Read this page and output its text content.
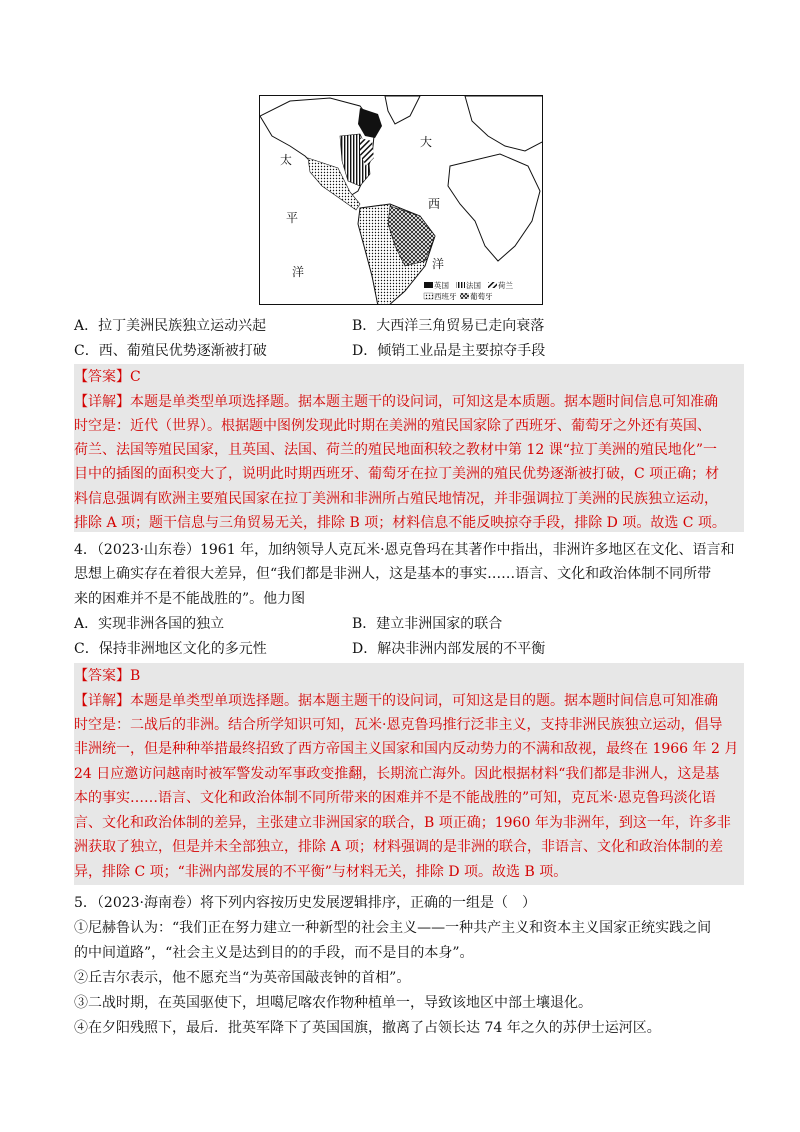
太
平
洋
大
西
洋
英国 法国 荷兰
西班牙 葡萄牙
A．拉丁美洲民族独立运动兴起	B．大西洋三角贸易已走向衰落
C．西、葡殖民优势逐渐被打破	D．倾销工业品是主要掠夺手段
【答案】C
【详解】本题是单类型单项选择题。据本题主题干的设问词，可知这是本质题。据本题时间信息可知准确
时空是：近代（世界）。根据题中图例发现此时期在美洲的殖民国家除了西班牙、葡萄牙之外还有英国、
荷兰、法国等殖民国家，且英国、法国、荷兰的殖民地面积较之教材中第 12 课“拉丁美洲的殖民地化”一
目中的插图的面积变大了，说明此时期西班牙、葡萄牙在拉丁美洲的殖民优势逐渐被打破，C 项正确；材
料信息强调有欧洲主要殖民国家在拉丁美洲和非洲所占殖民地情况，并非强调拉丁美洲的民族独立运动，
排除 A 项；题干信息与三角贸易无关，排除 B 项；材料信息不能反映掠夺手段，排除 D 项。故选 C 项。
4．（2023·山东卷）1961 年，加纳领导人克瓦米·恩克鲁玛在其著作中指出，非洲许多地区在文化、语言和
思想上确实存在着很大差异，但“我们都是非洲人，这是基本的事实……语言、文化和政治体制不同所带
来的困难并不是不能战胜的”。他力图
A．实现非洲各国的独立	B．建立非洲国家的联合
C．保持非洲地区文化的多元性	D．解决非洲内部发展的不平衡
【答案】B
【详解】本题是单类型单项选择题。据本题主题干的设问词，可知这是目的题。据本题时间信息可知准确
时空是：二战后的非洲。结合所学知识可知，瓦米·恩克鲁玛推行泛非主义，支持非洲民族独立运动，倡导
非洲统一，但是种种举措最终招致了西方帝国主义国家和国内反动势力的不满和敌视，最终在 1966 年 2 月
24 日应邀访问越南时被军警发动军事政变推翻，长期流亡海外。因此根据材料“我们都是非洲人，这是基
本的事实……语言、文化和政治体制不同所带来的困难并不是不能战胜的”可知，克瓦米·恩克鲁玛淡化语
言、文化和政治体制的差异，主张建立非洲国家的联合，B 项正确；1960 年为非洲年，到这一年，许多非
洲获取了独立，但是并未全部独立，排除 A 项；材料强调的是非洲的联合，非语言、文化和政治体制的差
异，排除 C 项；“非洲内部发展的不平衡”与材料无关，排除 D 项。故选 B 项。
5．（2023·海南卷）将下列内容按历史发展逻辑排序，正确的一组是（　）
①尼赫鲁认为：“我们正在努力建立一种新型的社会主义——一种共产主义和资本主义国家正统实践之间
的中间道路”，“社会主义是达到目的的手段，而不是目的本身”。
②丘吉尔表示，他不愿充当“为英帝国敲丧钟的首相”。
③二战时期，在英国驱使下，坦噶尼喀农作物种植单一，导致该地区中部土壤退化。
④在夕阳残照下，最后．批英军降下了英国国旗，撤离了占领长达 74 年之久的苏伊士运河区。
